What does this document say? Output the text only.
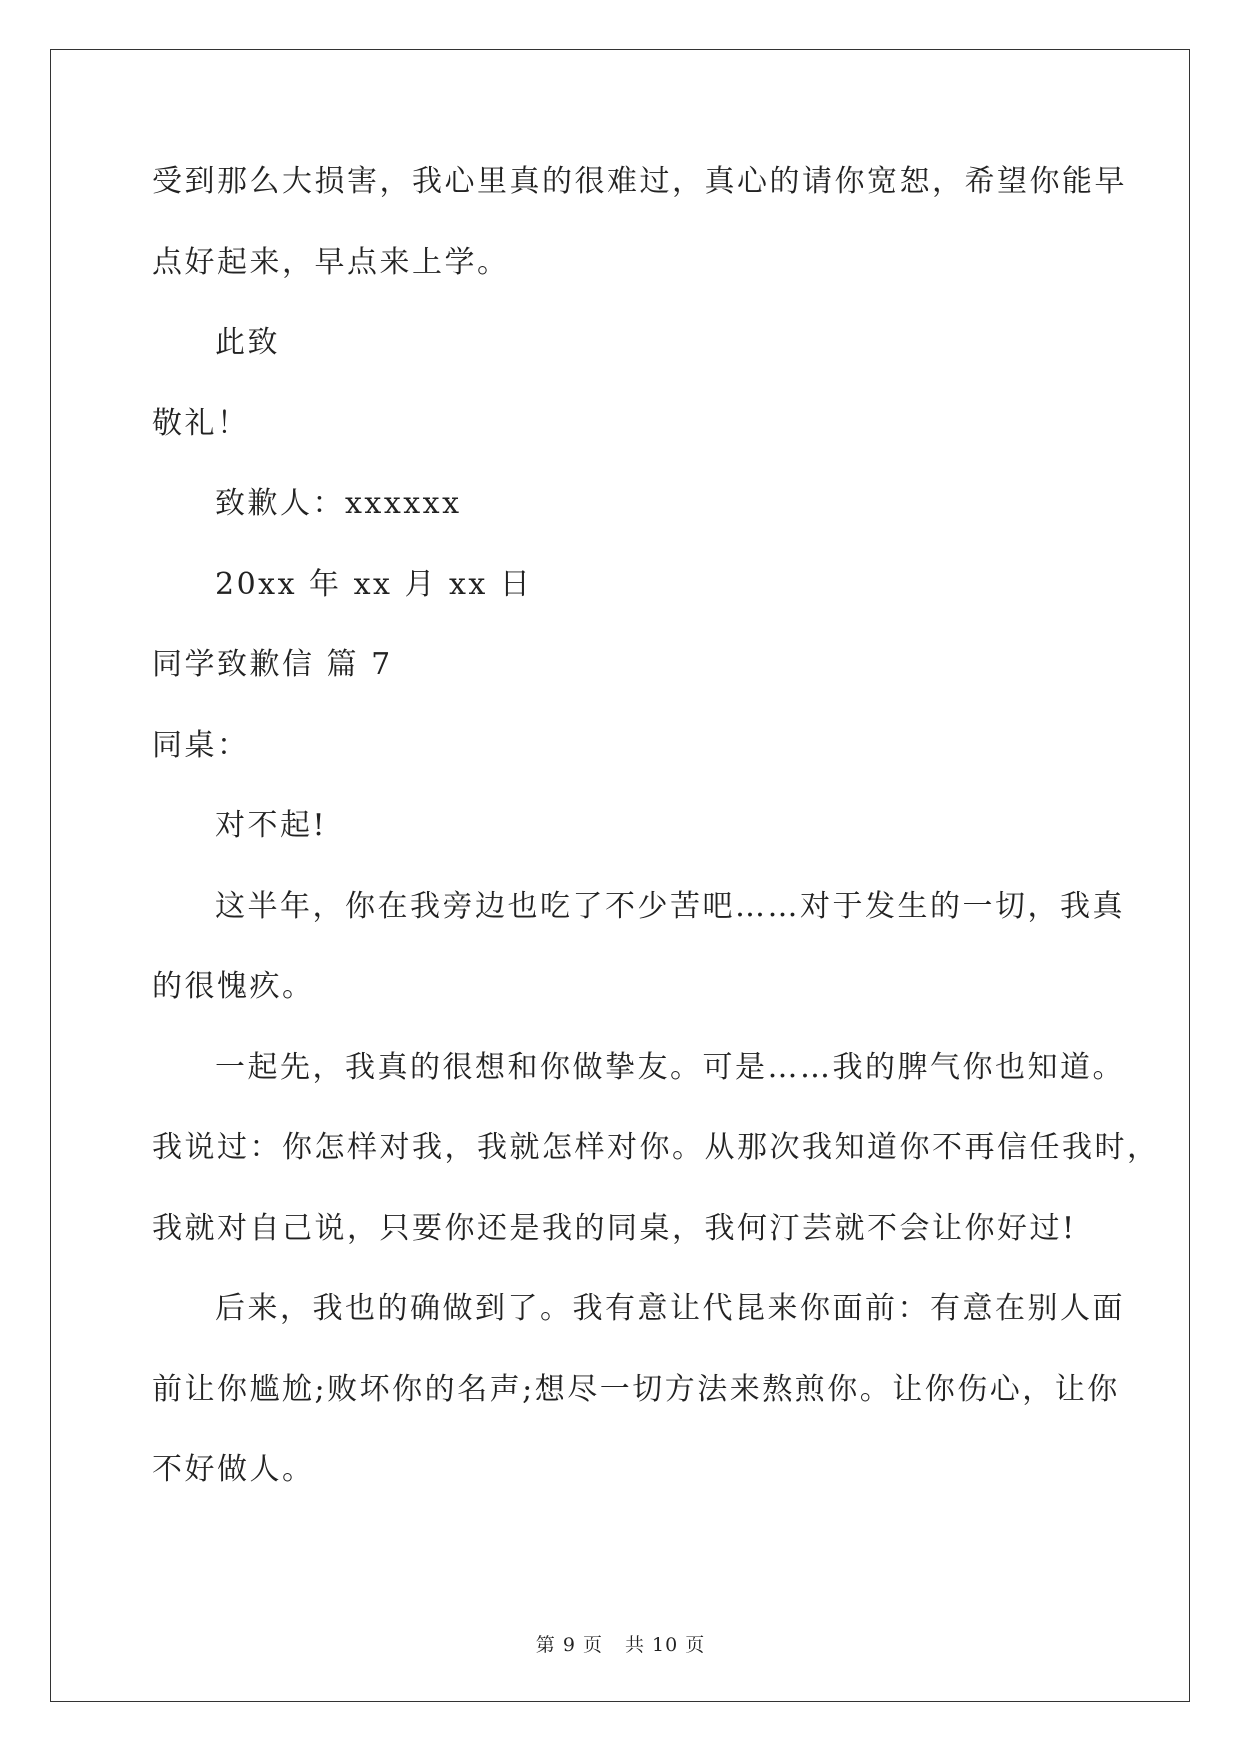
受到那么大损害，我心里真的很难过，真心的请你宽恕，希望你能早
点好起来，早点来上学。
此致
敬礼！
致歉人：xxxxxx
20xx 年 xx 月 xx 日
同学致歉信 篇 7
同桌：
对不起!
这半年，你在我旁边也吃了不少苦吧……对于发生的一切，我真
的很愧疚。
一起先，我真的很想和你做挚友。可是……我的脾气你也知道。
我说过：你怎样对我，我就怎样对你。从那次我知道你不再信任我时，
我就对自己说，只要你还是我的同桌，我何汀芸就不会让你好过!
后来，我也的确做到了。我有意让代昆来你面前：有意在别人面
前让你尴尬;败坏你的名声;想尽一切方法来熬煎你。让你伤心，让你
不好做人。
第 9 页 共 10 页
